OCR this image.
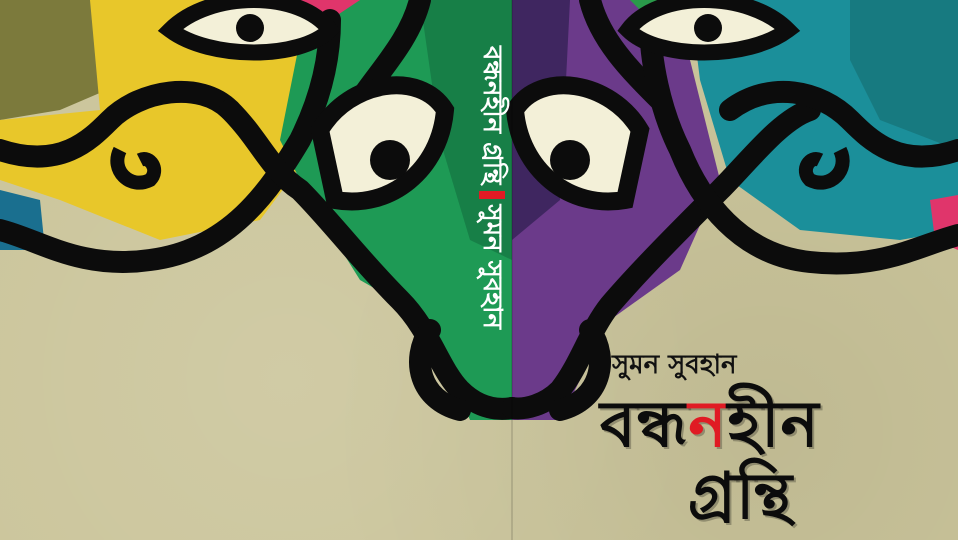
বন্ধনহীন গ্রন্থি
সুমন সুবহান
সুমন সুবহান
বন্ধনহীন
গ্রন্থি
